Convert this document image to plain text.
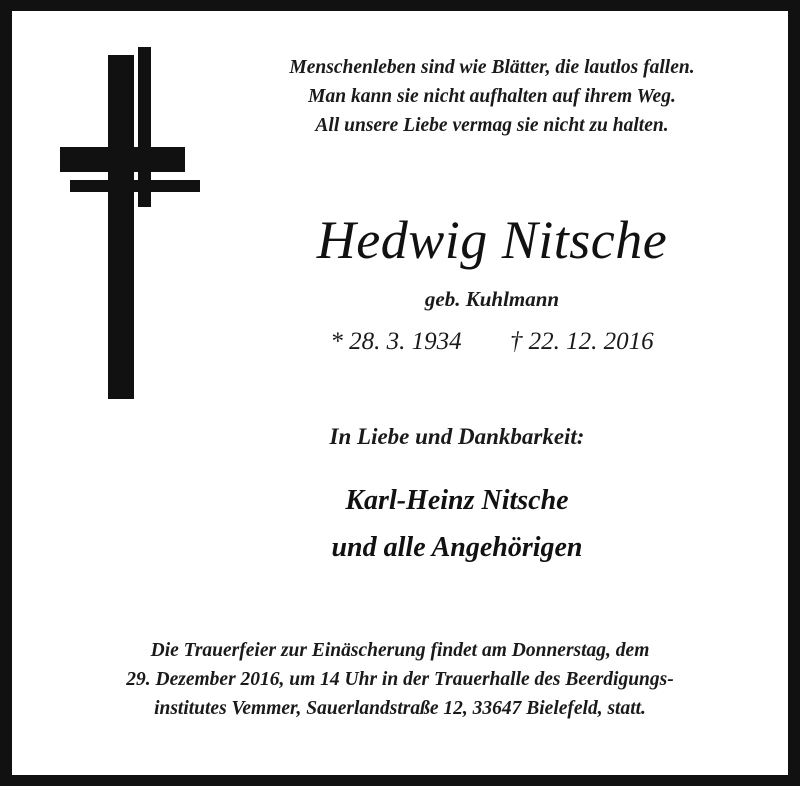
Menschenleben sind wie Blätter, die lautlos fallen.
Man kann sie nicht aufhalten auf ihrem Weg.
All unsere Liebe vermag sie nicht zu halten.
Hedwig Nitsche
geb. Kuhlmann
* 28. 3. 1934 † 22. 12. 2016
In Liebe und Dankbarkeit:
Karl-Heinz Nitsche
und alle Angehörigen
Die Trauerfeier zur Einäscherung findet am Donnerstag, dem
29. Dezember 2016, um 14 Uhr in der Trauerhalle des Beerdigungs-
institutes Vemmer, Sauerlandstraße 12, 33647 Bielefeld, statt.
